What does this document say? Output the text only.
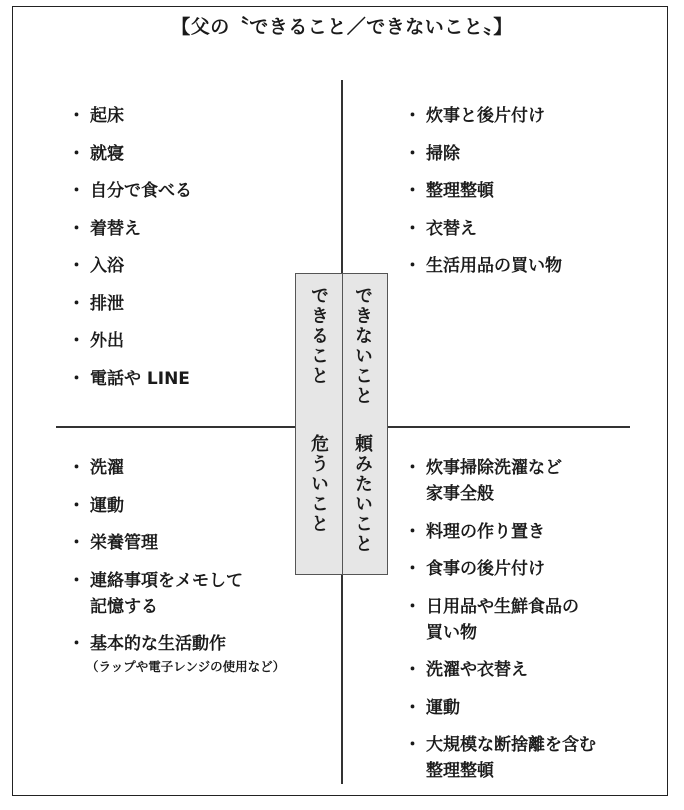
【父の〝できること／できないこと〟】
できること できないこと
危ういこと 頼みたいこと
・ 起床
・ 就寝
・ 自分で食べる
・ 着替え
・ 入浴
・ 排泄
・ 外出
・ 電話や LINE
・ 炊事と後片付け
・ 掃除
・ 整理整頓
・ 衣替え
・ 生活用品の買い物
・ 洗濯
・ 運動
・ 栄養管理
・ 連絡事項をメモして
記憶する
・ 基本的な生活動作
（ラップや電子レンジの使用など）
・ 炊事掃除洗濯など
家事全般
・ 料理の作り置き
・ 食事の後片付け
・ 日用品や生鮮食品の
買い物
・ 洗濯や衣替え
・ 運動
・ 大規模な断捨離を含む
整理整頓
